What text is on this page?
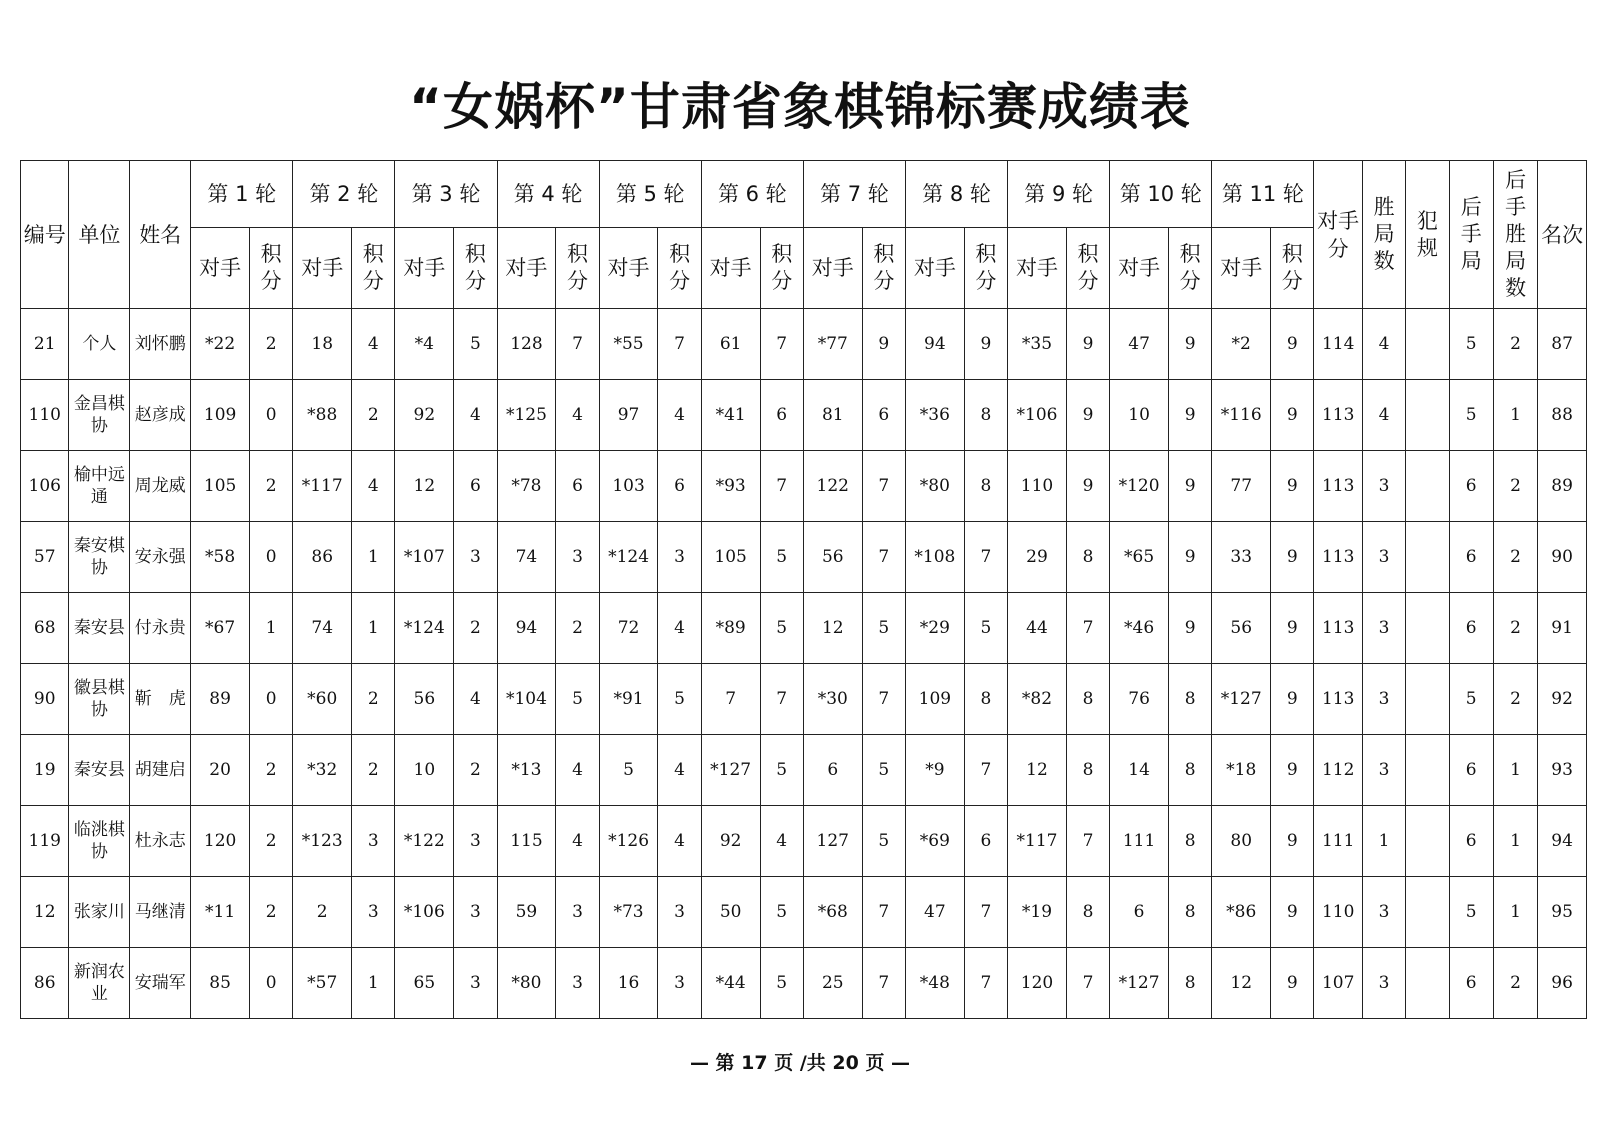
“女娲杯”甘肃省象棋锦标赛成绩表
编号	单位	姓名	第 1 轮		第 2 轮		第 3 轮		第 4 轮		第 5 轮		第 6 轮		第 7 轮		第 8 轮		第 9 轮		第 10 轮		第 11 轮		对手分	胜局数	犯规	后手局	后手胜局数	名次
			对手	积分	对手	积分	对手	积分	对手	积分	对手	积分	对手	积分	对手	积分	对手	积分	对手	积分	对手	积分	对手	积分						
21	个人	刘怀鹏	*22	2	18	4	*4	5	128	7	*55	7	61	7	*77	9	94	9	*35	9	47	9	*2	9	114	4		5	2	87
110	金昌棋协	赵彦成	109	0	*88	2	92	4	*125	4	97	4	*41	6	81	6	*36	8	*106	9	10	9	*116	9	113	4		5	1	88
106	榆中远通	周龙威	105	2	*117	4	12	6	*78	6	103	6	*93	7	122	7	*80	8	110	9	*120	9	77	9	113	3		6	2	89
57	秦安棋协	安永强	*58	0	86	1	*107	3	74	3	*124	3	105	5	56	7	*108	7	29	8	*65	9	33	9	113	3		6	2	90
68	秦安县	付永贵	*67	1	74	1	*124	2	94	2	72	4	*89	5	12	5	*29	5	44	7	*46	9	56	9	113	3		6	2	91
90	徽县棋协	靳　虎	89	0	*60	2	56	4	*104	5	*91	5	7	7	*30	7	109	8	*82	8	76	8	*127	9	113	3		5	2	92
19	秦安县	胡建启	20	2	*32	2	10	2	*13	4	5	4	*127	5	6	5	*9	7	12	8	14	8	*18	9	112	3		6	1	93
119	临洮棋协	杜永志	120	2	*123	3	*122	3	115	4	*126	4	92	4	127	5	*69	6	*117	7	111	8	80	9	111	1		6	1	94
12	张家川	马继清	*11	2	2	3	*106	3	59	3	*73	3	50	5	*68	7	47	7	*19	8	6	8	*86	9	110	3		5	1	95
86	新润农业	安瑞军	85	0	*57	1	65	3	*80	3	16	3	*44	5	25	7	*48	7	120	7	*127	8	12	9	107	3		6	2	96
— 第 17 页 /共 20 页 —
